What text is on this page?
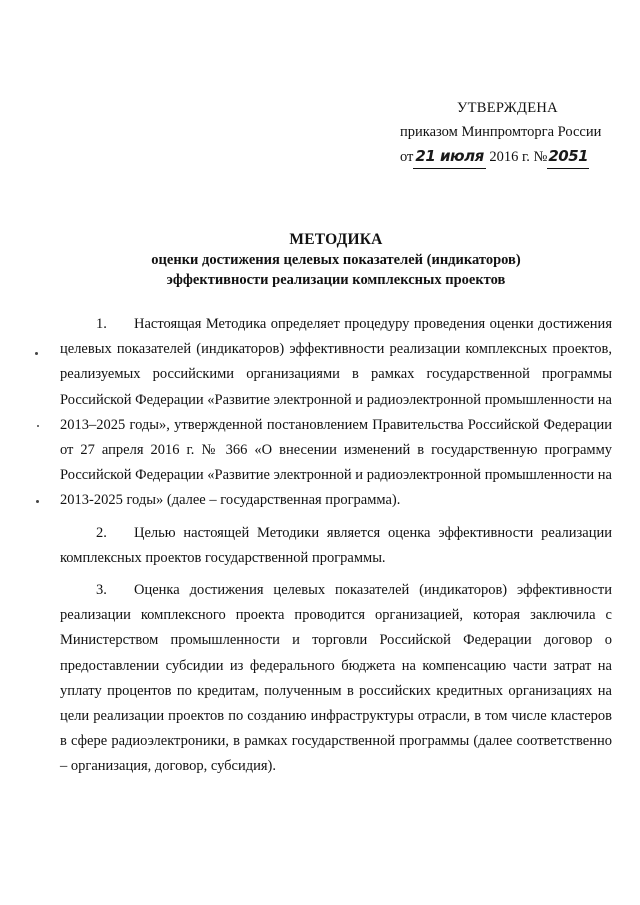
УТВЕРЖДЕНА
приказом Минпромторга России
от 21 июля 2016 г. №2051
МЕТОДИКА
оценки достижения целевых показателей (индикаторов)
эффективности реализации комплексных проектов

1. Настоящая Методика определяет процедуру проведения оценки достижения целевых показателей (индикаторов) эффективности реализации комплексных проектов, реализуемых российскими организациями в рамках государственной программы Российской Федерации «Развитие электронной и радиоэлектронной промышленности на 2013–2025 годы», утвержденной постановлением Правительства Российской Федерации от 27 апреля 2016 г. № 366 «О внесении изменений в государственную программу Российской Федерации «Развитие электронной и радиоэлектронной промышленности на 2013-2025 годы» (далее – государственная программа).

2. Целью настоящей Методики является оценка эффективности реализации комплексных проектов государственной программы.

3. Оценка достижения целевых показателей (индикаторов) эффективности реализации комплексного проекта проводится организацией, которая заключила с Министерством промышленности и торговли Российской Федерации договор о предоставлении субсидии из федерального бюджета на компенсацию части затрат на уплату процентов по кредитам, полученным в российских кредитных организациях на цели реализации проектов по созданию инфраструктуры отрасли, в том числе кластеров в сфере радиоэлектроники, в рамках государственной программы (далее соответственно – организация, договор, субсидия).
